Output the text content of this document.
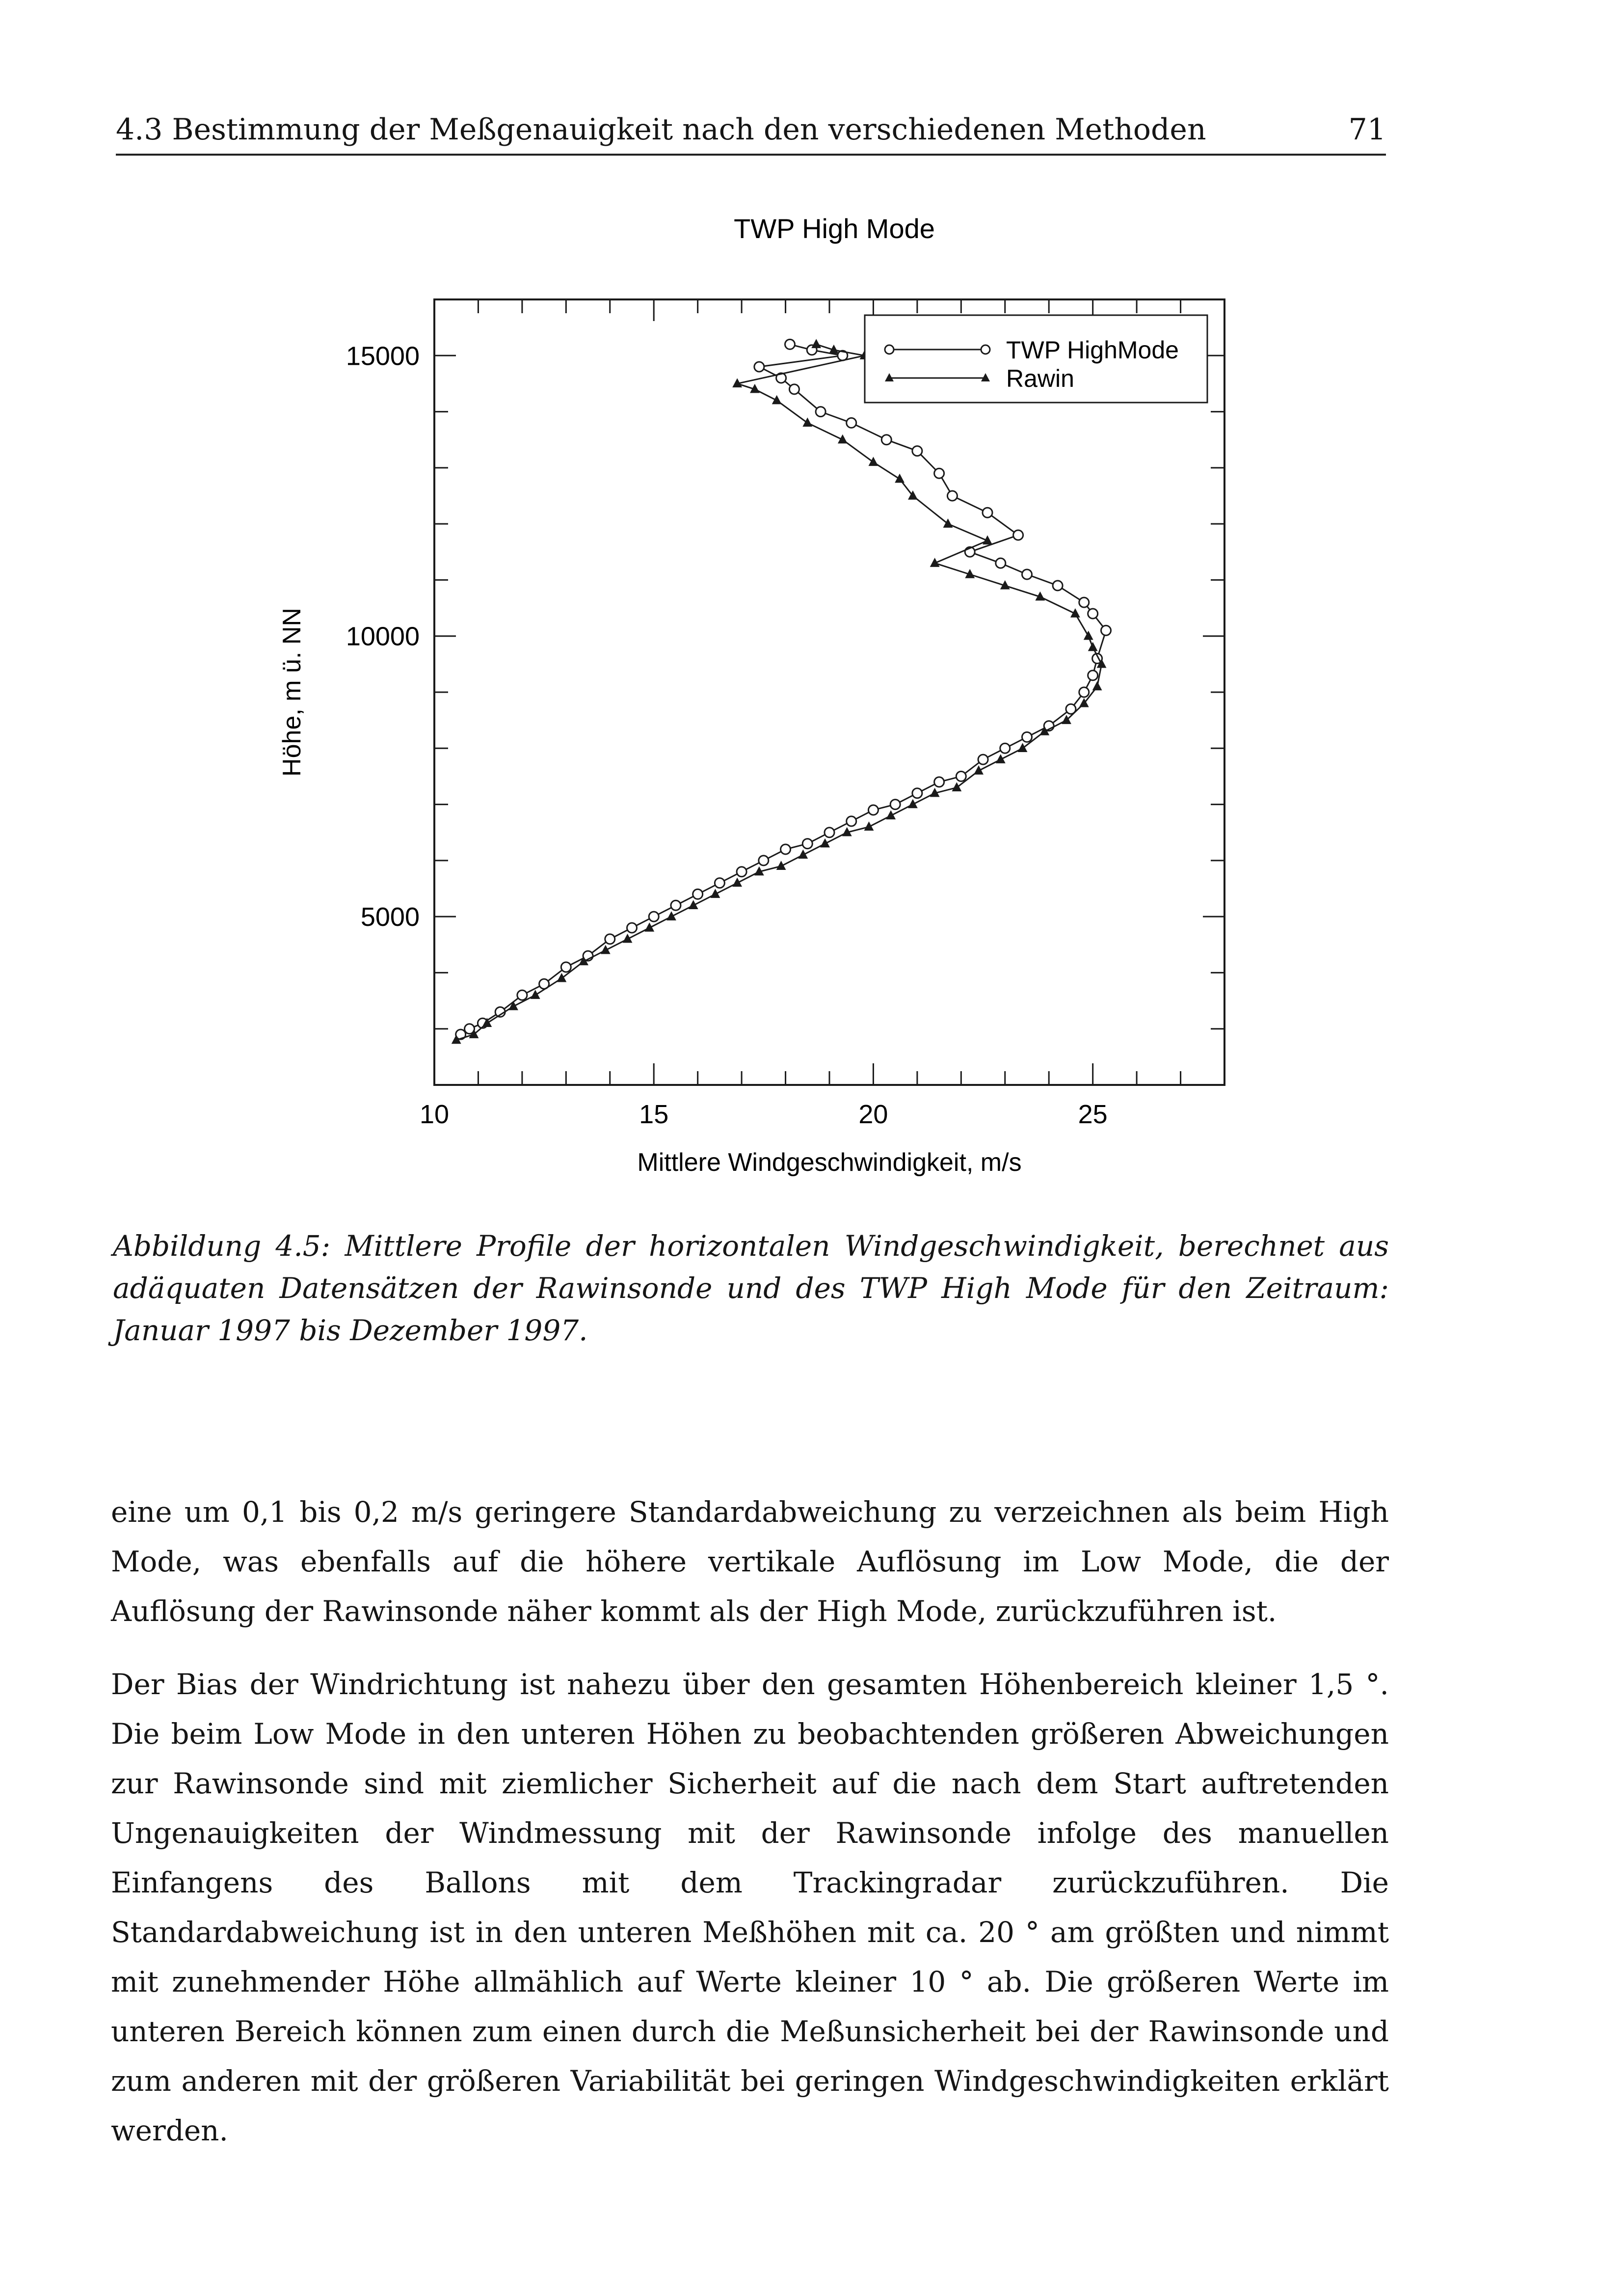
4.3 Bestimmung der Meßgenauigkeit nach den verschiedenen Methoden	71
TWP High Mode
10	15	20	25
5000
10000
15000	TWP HighMode
Rawin
Mittlere Windgeschwindigkeit, m/s
Höhe, m ü. NN
Abbildung 4.5: Mittlere Profile der horizontalen Windgeschwindigkeit, berechnet aus adäquaten Datensätzen der Rawinsonde und des TWP High Mode für den Zeitraum: Januar 1997 bis Dezember 1997.

eine um 0,1 bis 0,2 m/s geringere Standardabweichung zu verzeichnen als beim High Mode, was ebenfalls auf die höhere vertikale Auflösung im Low Mode, die der Auflösung der Rawinsonde näher kommt als der High Mode, zurückzuführen ist.

Der Bias der Windrichtung ist nahezu über den gesamten Höhenbereich kleiner 1,5 °. Die beim Low Mode in den unteren Höhen zu beobachtenden größeren Abweichungen zur Rawinsonde sind mit ziemlicher Sicherheit auf die nach dem Start auftretenden Ungenauigkeiten der Windmessung mit der Rawinsonde infolge des manuellen Einfangens des Ballons mit dem Trackingradar zurückzuführen. Die Standardabweichung ist in den unteren Meßhöhen mit ca. 20 ° am größten und nimmt mit zunehmender Höhe allmählich auf Werte kleiner 10 ° ab. Die größeren Werte im unteren Bereich können zum einen durch die Meßunsicherheit bei der Rawinsonde und zum anderen mit der größeren Variabilität bei geringen Windgeschwindigkeiten erklärt werden.
